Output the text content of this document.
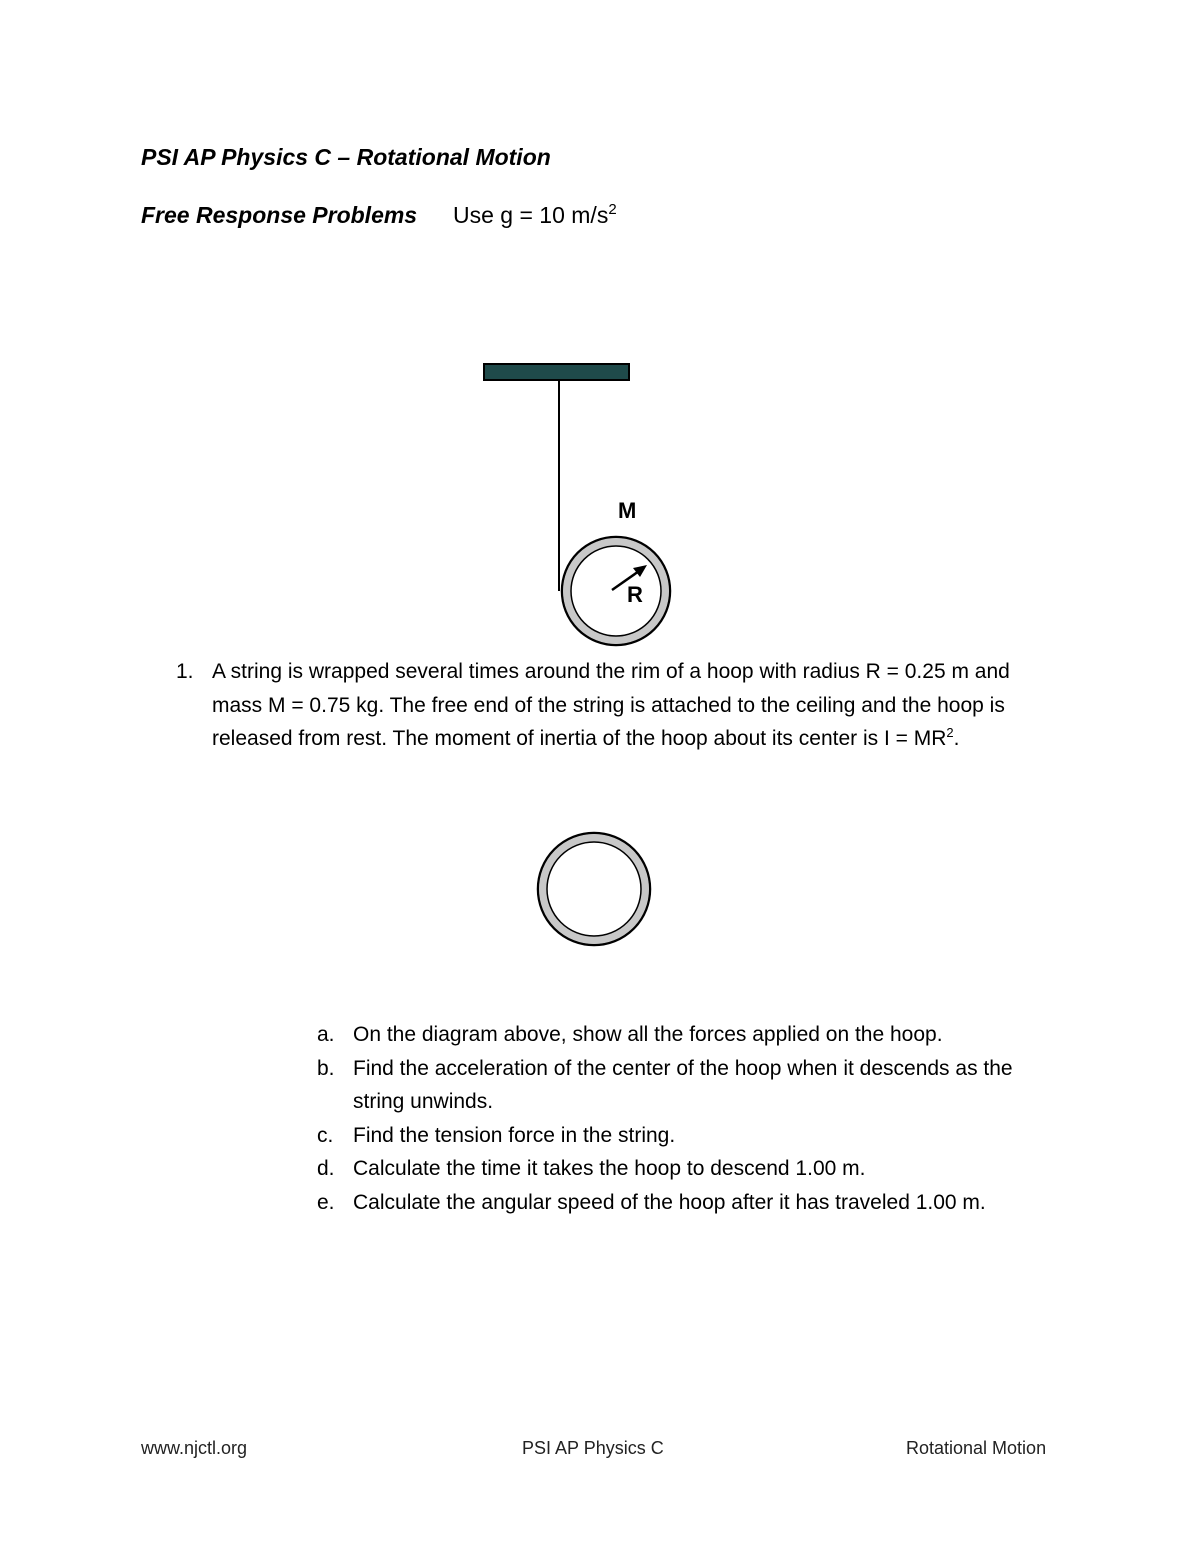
PSI AP Physics C – Rotational Motion
Free Response Problems Use g = 10 $m/s^2$
M
R
1. A string is wrapped several times around the rim of a hoop with radius R = 0.25 m and mass M = 0.75 kg. The free end of the string is attached to the ceiling and the hoop is released from rest. The moment of inertia of the hoop about its center is $I = MR^2$.
a. On the diagram above, show all the forces applied on the hoop.
b. Find the acceleration of the center of the hoop when it descends as the string unwinds.
c. Find the tension force in the string.
d. Calculate the time it takes the hoop to descend 1.00 m.
e. Calculate the angular speed of the hoop after it has traveled 1.00 m.
www.njctl.org	PSI AP Physics C	Rotational Motion
